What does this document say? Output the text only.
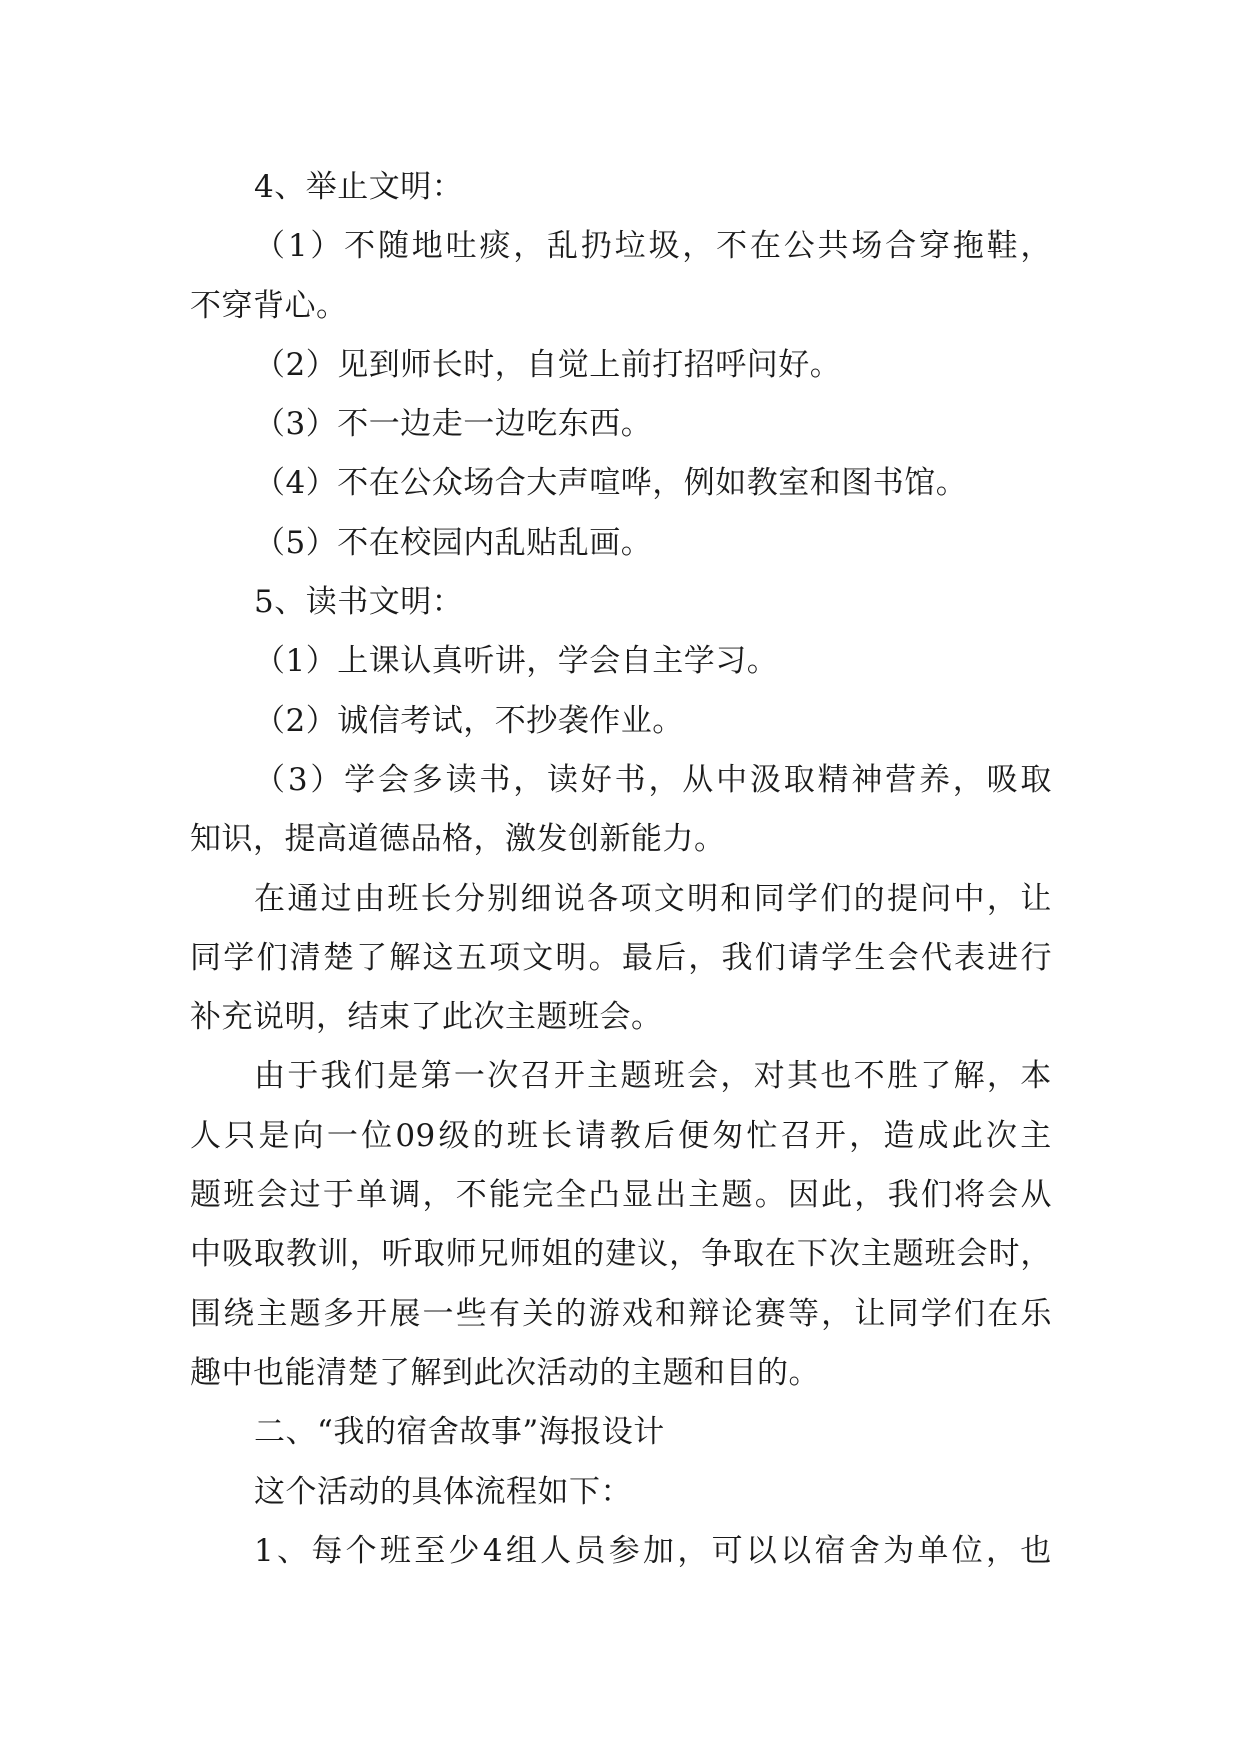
4、举止文明：
（ 1 ） 不 随 地 吐 痰 ， 乱 扔 垃 圾 ， 不 在 公 共 场 合 穿 拖 鞋 ，
不穿背心。
（2）见到师长时，自觉上前打招呼问好。
（3）不一边走一边吃东西。
（4）不在公众场合大声喧哗，例如教室和图书馆。
（5）不在校园内乱贴乱画。
5、读书文明：
（1）上课认真听讲，学会自主学习。
（2）诚信考试，不抄袭作业。
（ 3 ） 学 会 多 读 书 ， 读 好 书 ， 从 中 汲 取 精 神 营 养 ， 吸 取
知识，提高道德品格，激发创新能力。
在 通 过 由 班 长 分 别 细 说 各 项 文 明 和 同 学 们 的 提 问 中 ， 让
同 学 们 清 楚 了 解 这 五 项 文 明 。 最 后 ， 我 们 请 学 生 会 代 表 进 行
补充说明，结束了此次主题班会。
由 于 我 们 是 第 一 次 召 开 主 题 班 会 ， 对 其 也 不 胜 了 解 ， 本
人 只 是 向 一 位 09 级 的 班 长 请 教 后 便 匆 忙 召 开 ， 造 成 此 次 主
题 班 会 过 于 单 调 ， 不 能 完 全 凸 显 出 主 题 。 因 此 ， 我 们 将 会 从
中 吸 取 教 训 ， 听 取 师 兄 师 姐 的 建 议 ， 争 取 在 下 次 主 题 班 会 时 ，
围 绕 主 题 多 开 展 一 些 有 关 的 游 戏 和 辩 论 赛 等 ， 让 同 学 们 在 乐
趣中也能清楚了解到此次活动的主题和目的。
二、“我的宿舍故事”海报设计
这个活动的具体流程如下：
1 、 每 个 班 至 少 4 组 人 员 参 加 ， 可 以 以 宿 舍 为 单 位 ， 也
